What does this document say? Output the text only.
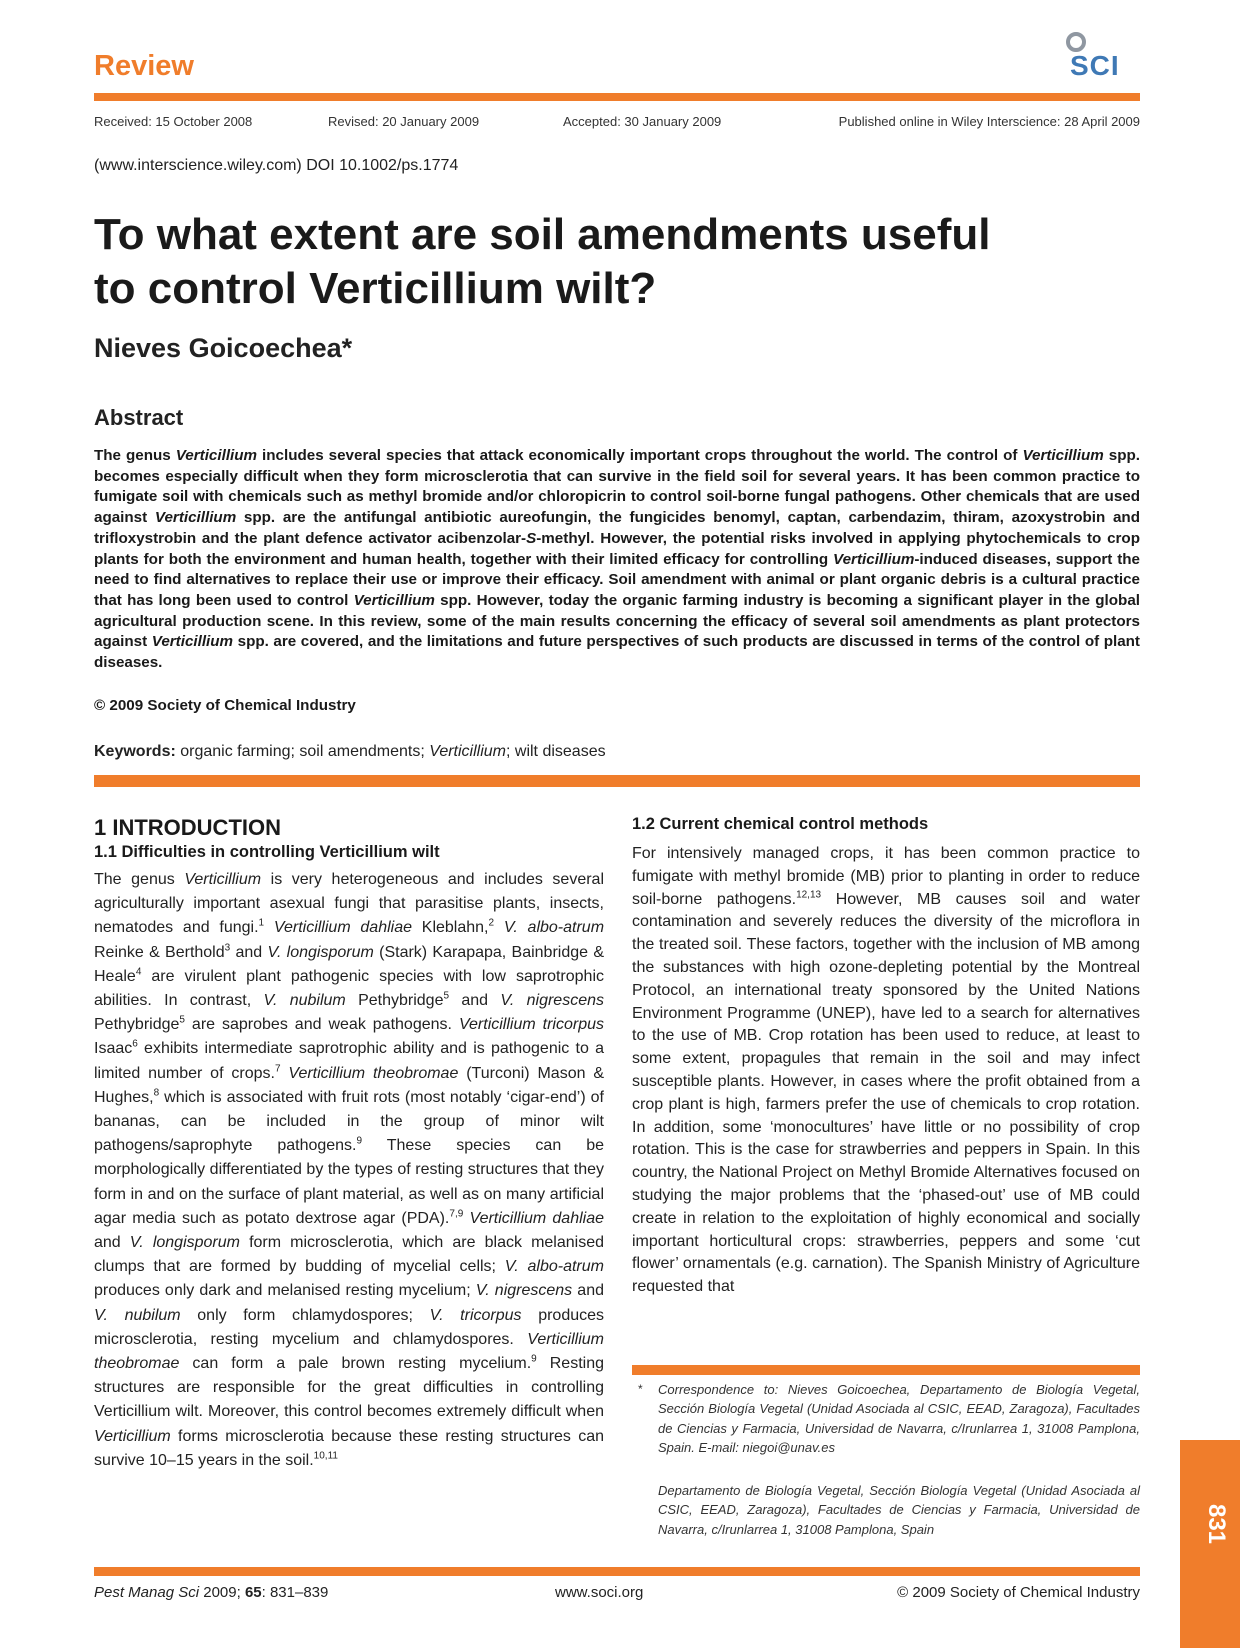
Review	SCI
Received: 15 October 2008	Revised: 20 January 2009	Accepted: 30 January 2009	Published online in Wiley Interscience: 28 April 2009
(www.interscience.wiley.com) DOI 10.1002/ps.1774
To what extent are soil amendments useful
to control Verticillium wilt?
Nieves Goicoechea*
Abstract
The genus Verticillium includes several species that attack economically important crops throughout the world. The control of Verticillium spp. becomes especially difficult when they form microsclerotia that can survive in the field soil for several years. It has been common practice to fumigate soil with chemicals such as methyl bromide and/or chloropicrin to control soil-borne fungal pathogens. Other chemicals that are used against Verticillium spp. are the antifungal antibiotic aureofungin, the fungicides benomyl, captan, carbendazim, thiram, azoxystrobin and trifloxystrobin and the plant defence activator acibenzolar-S-methyl. However, the potential risks involved in applying phytochemicals to crop plants for both the environment and human health, together with their limited efficacy for controlling Verticillium-induced diseases, support the need to find alternatives to replace their use or improve their efficacy. Soil amendment with animal or plant organic debris is a cultural practice that has long been used to control Verticillium spp. However, today the organic farming industry is becoming a significant player in the global agricultural production scene. In this review, some of the main results concerning the efficacy of several soil amendments as plant protectors against Verticillium spp. are covered, and the limitations and future perspectives of such products are discussed in terms of the control of plant diseases.
© 2009 Society of Chemical Industry
Keywords: organic farming; soil amendments; Verticillium; wilt diseases
1 INTRODUCTION
1.1 Difficulties in controlling Verticillium wilt
1.2 Current chemical control methods
The genus Verticillium is very heterogeneous and includes several agriculturally important asexual fungi that parasitise plants, insects, nematodes and fungi.$^1$ Verticillium dahliae Kleblahn,$^2$ V. albo-atrum Reinke & Berthold$^3$ and V. longisporum (Stark) Karapapa, Bainbridge & Heale$^4$ are virulent plant pathogenic species with low saprotrophic abilities. In contrast, V. nubilum Pethybridge$^5$ and V. nigrescens Pethybridge$^5$ are saprobes and weak pathogens. Verticillium tricorpus Isaac$^6$ exhibits intermediate saprotrophic ability and is pathogenic to a limited number of crops.$^7$ Verticillium theobromae (Turconi) Mason & Hughes,$^8$ which is associated with fruit rots (most notably ‘cigar-end’) of bananas, can be included in the group of minor wilt pathogens/saprophyte pathogens.$^9$ These species can be morphologically differentiated by the types of resting structures that they form in and on the surface of plant material, as well as on many artificial agar media such as potato dextrose agar (PDA).$^{7,9}$ Verticillium dahliae and V. longisporum form microsclerotia, which are black melanised clumps that are formed by budding of mycelial cells; V. albo-atrum produces only dark and melanised resting mycelium; V. nigrescens and V. nubilum only form chlamydospores; V. tricorpus produces microsclerotia, resting mycelium and chlamydospores. Verticillium theobromae can form a pale brown resting mycelium.$^9$ Resting structures are responsible for the great difficulties in controlling Verticillium wilt. Moreover, this control becomes extremely difficult when Verticillium forms microsclerotia because these resting structures can survive 10–15 years in the soil.$^{10,11}$
For intensively managed crops, it has been common practice to fumigate with methyl bromide (MB) prior to planting in order to reduce soil-borne pathogens.$^{12,13}$ However, MB causes soil and water contamination and severely reduces the diversity of the microflora in the treated soil. These factors, together with the inclusion of MB among the substances with high ozone-depleting potential by the Montreal Protocol, an international treaty sponsored by the United Nations Environment Programme (UNEP), have led to a search for alternatives to the use of MB. Crop rotation has been used to reduce, at least to some extent, propagules that remain in the soil and may infect susceptible plants. However, in cases where the profit obtained from a crop plant is high, farmers prefer the use of chemicals to crop rotation. In addition, some ‘monocultures’ have little or no possibility of crop rotation. This is the case for strawberries and peppers in Spain. In this country, the National Project on Methyl Bromide Alternatives focused on studying the major problems that the ‘phased-out’ use of MB could create in relation to the exploitation of highly economical and socially important horticultural crops: strawberries, peppers and some ‘cut flower’ ornamentals (e.g. carnation). The Spanish Ministry of Agriculture requested that
* Correspondence to: Nieves Goicoechea, Departamento de Biología Vegetal, Sección Biología Vegetal (Unidad Asociada al CSIC, EEAD, Zaragoza), Facultades de Ciencias y Farmacia, Universidad de Navarra, c/Irunlarrea 1, 31008 Pamplona, Spain. E-mail: niegoi@unav.es
Departamento de Biología Vegetal, Sección Biología Vegetal (Unidad Asociada al CSIC, EEAD, Zaragoza), Facultades de Ciencias y Farmacia, Universidad de Navarra, c/Irunlarrea 1, 31008 Pamplona, Spain
Pest Manag Sci 2009; 65: 831–839	www.soci.org	© 2009 Society of Chemical Industry
831
